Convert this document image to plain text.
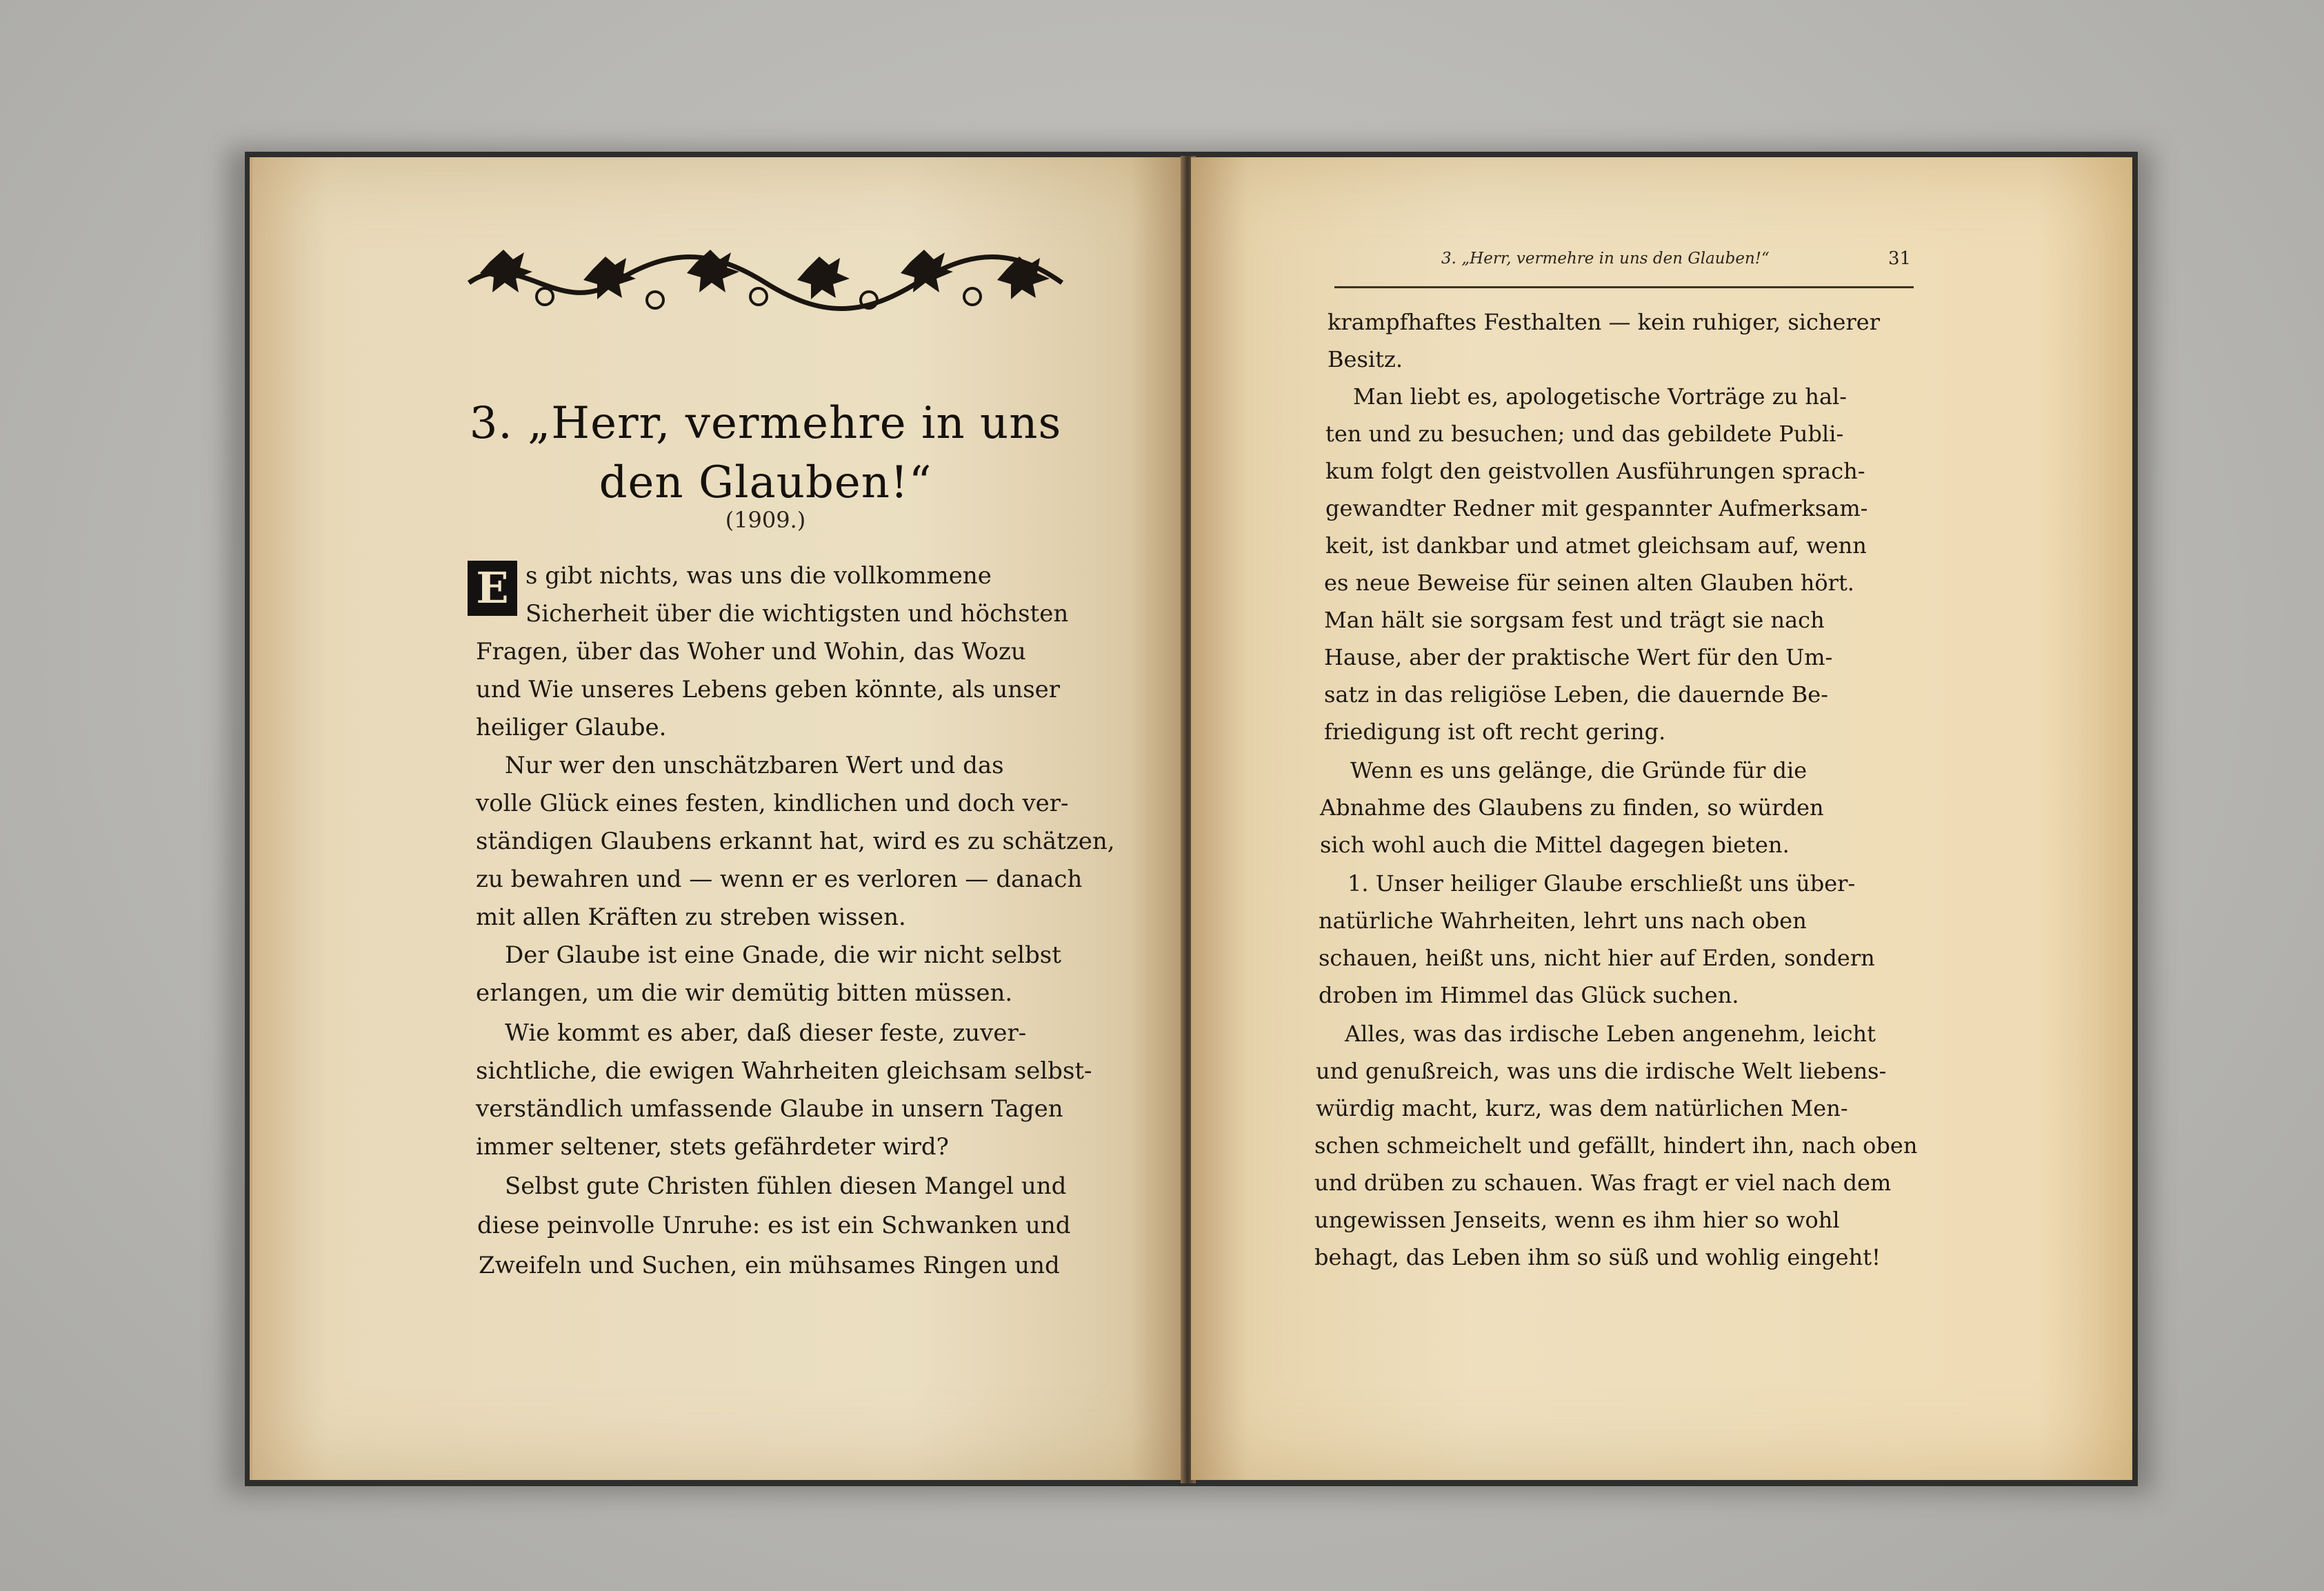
3. „Herr, vermehre in uns
den Glauben!“
(1909.)
E s gibt nichts, was uns die vollkommene
Sicherheit über die wichtigsten und höchsten
Fragen, über das Woher und Wohin, das Wozu
und Wie unseres Lebens geben könnte, als unser
heiliger Glaube.
Nur wer den unschätzbaren Wert und das
volle Glück eines festen, kindlichen und doch ver-
ständigen Glaubens erkannt hat, wird es zu schätzen,
zu bewahren und — wenn er es verloren — danach
mit allen Kräften zu streben wissen.
Der Glaube ist eine Gnade, die wir nicht selbst
erlangen, um die wir demütig bitten müssen.
Wie kommt es aber, daß dieser feste, zuver-
sichtliche, die ewigen Wahrheiten gleichsam selbst-
verständlich umfassende Glaube in unsern Tagen
immer seltener, stets gefährdeter wird?
Selbst gute Christen fühlen diesen Mangel und
diese peinvolle Unruhe: es ist ein Schwanken und
Zweifeln und Suchen, ein mühsames Ringen und
3. „Herr, vermehre in uns den Glauben!“	31
krampfhaftes Festhalten — kein ruhiger, sicherer
Besitz.
Man liebt es, apologetische Vorträge zu hal-
ten und zu besuchen; und das gebildete Publi-
kum folgt den geistvollen Ausführungen sprach-
gewandter Redner mit gespannter Aufmerksam-
keit, ist dankbar und atmet gleichsam auf, wenn
es neue Beweise für seinen alten Glauben hört.
Man hält sie sorgsam fest und trägt sie nach
Hause, aber der praktische Wert für den Um-
satz in das religiöse Leben, die dauernde Be-
friedigung ist oft recht gering.
Wenn es uns gelänge, die Gründe für die
Abnahme des Glaubens zu finden, so würden
sich wohl auch die Mittel dagegen bieten.
1. Unser heiliger Glaube erschließt uns über-
natürliche Wahrheiten, lehrt uns nach oben
schauen, heißt uns, nicht hier auf Erden, sondern
droben im Himmel das Glück suchen.
Alles, was das irdische Leben angenehm, leicht
und genußreich, was uns die irdische Welt liebens-
würdig macht, kurz, was dem natürlichen Men-
schen schmeichelt und gefällt, hindert ihn, nach oben
und drüben zu schauen. Was fragt er viel nach dem
ungewissen Jenseits, wenn es ihm hier so wohl
behagt, das Leben ihm so süß und wohlig eingeht!
